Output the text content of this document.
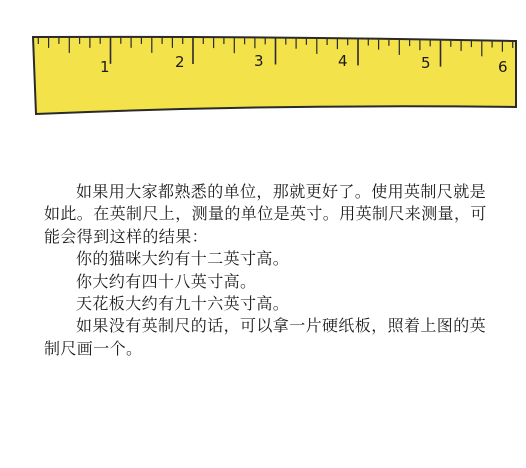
1	2	3	4	5	6

如果用大家都熟悉的单位，那就更好了。使用英制尺就是如此。在英制尺上，测量的单位是英寸。用英制尺来测量，可能会得到这样的结果：

你的猫咪大约有十二英寸高。

你大约有四十八英寸高。

天花板大约有九十六英寸高。

如果没有英制尺的话，可以拿一片硬纸板，照着上图的英制尺画一个。
